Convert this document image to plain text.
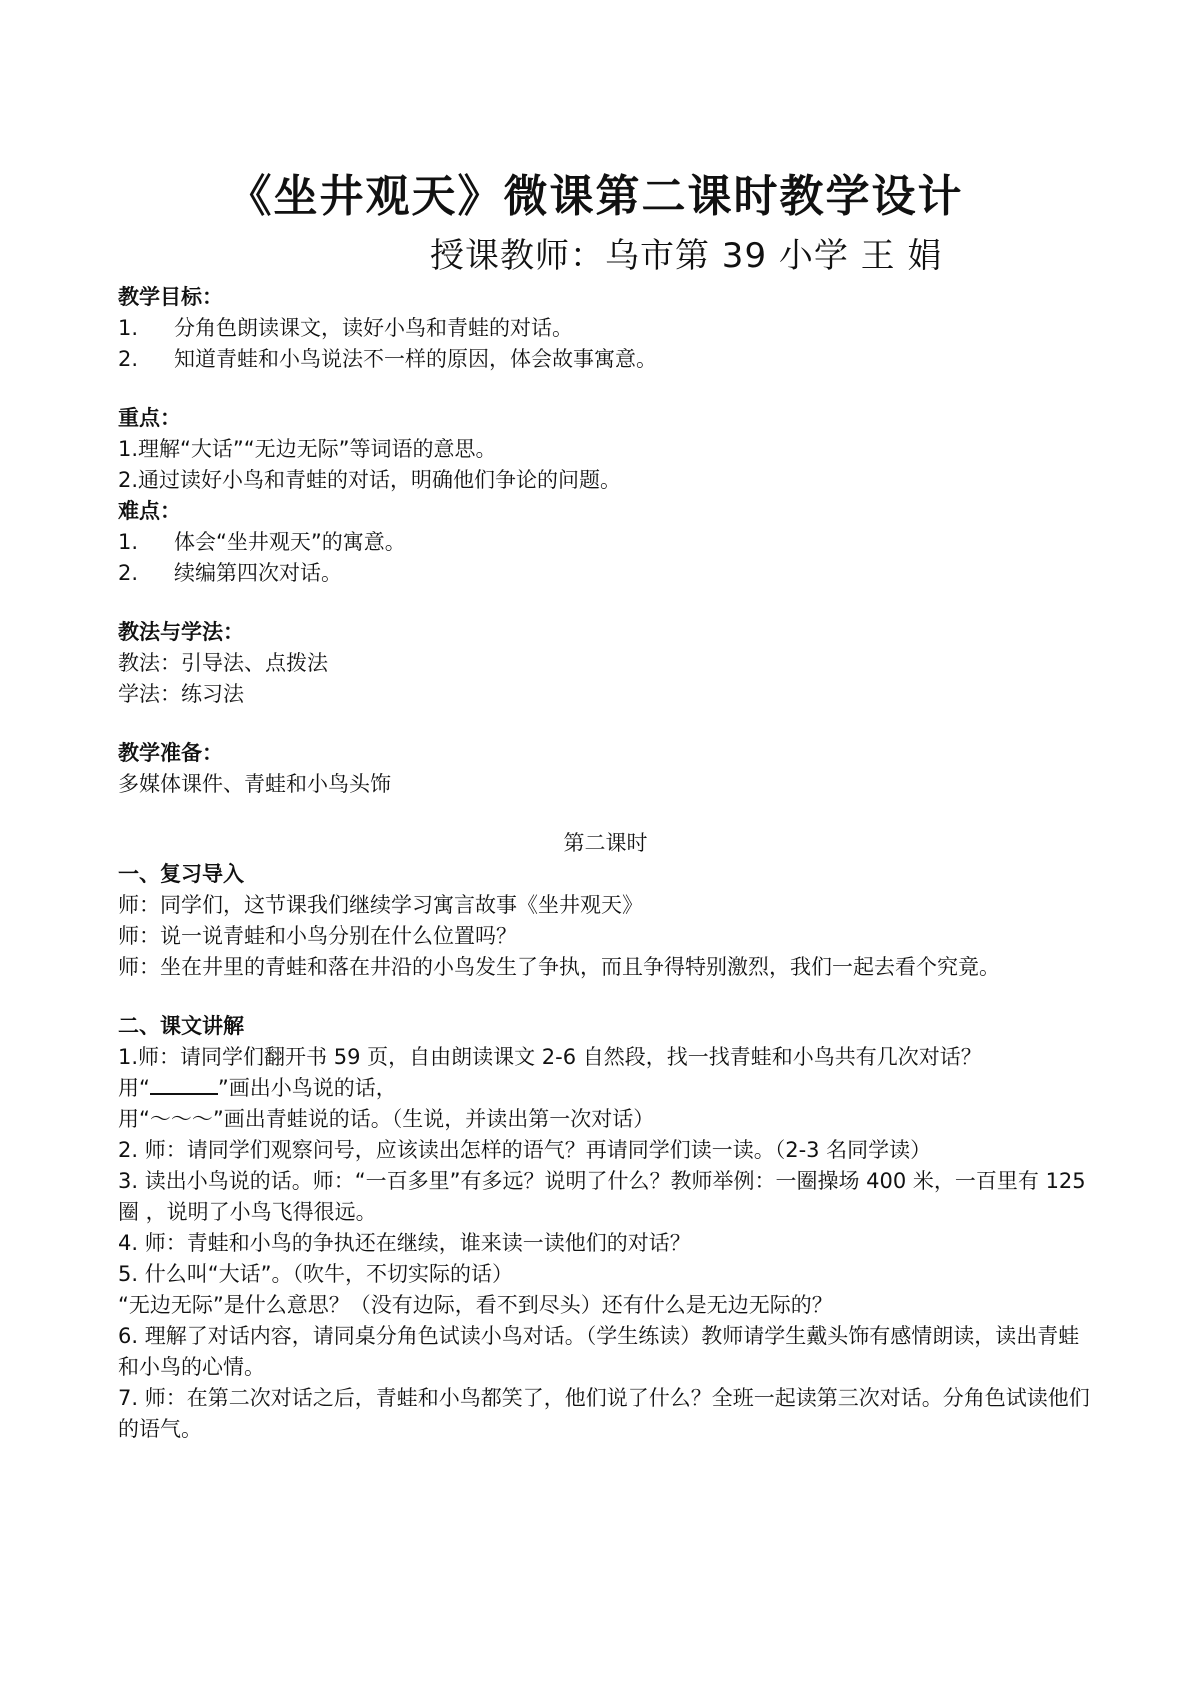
《坐井观天》微课第二课时教学设计
授课教师：乌市第 39 小学 王 娟

教学目标：

1.	分角色朗读课文，读好小鸟和青蛙的对话。

2.	知道青蛙和小鸟说法不一样的原因，体会故事寓意。

重点：

1.理解“大话”“无边无际”等词语的意思。

2.通过读好小鸟和青蛙的对话，明确他们争论的问题。

难点：

1.	体会“坐井观天”的寓意。

2.	续编第四次对话。

教法与学法：

教法：引导法、点拨法

学法：练习法

教学准备：

多媒体课件、青蛙和小鸟头饰

第二课时

一、复习导入

师：同学们，这节课我们继续学习寓言故事《坐井观天》

师：说一说青蛙和小鸟分别在什么位置吗？

师：坐在井里的青蛙和落在井沿的小鸟发生了争执，而且争得特别激烈，我们一起去看个究竟。

二、课文讲解

1.师：请同学们翻开书 59 页，自由朗读课文 2-6 自然段，找一找青蛙和小鸟共有几次对话？

用“	”画出小鸟说的话，

用“～～～”画出青蛙说的话。（生说，并读出第一次对话）

2. 师：请同学们观察问号，应该读出怎样的语气？再请同学们读一读。（2-3 名同学读）

3. 读出小鸟说的话。师：“一百多里”有多远？说明了什么？教师举例：一圈操场 400 米，一百里有 125 圈 ，说明了小鸟飞得很远。

4. 师：青蛙和小鸟的争执还在继续，谁来读一读他们的对话？

5. 什么叫“大话”。（吹牛，不切实际的话）

“无边无际”是什么意思？（没有边际，看不到尽头）还有什么是无边无际的？

6. 理解了对话内容，请同桌分角色试读小鸟对话。（学生练读）教师请学生戴头饰有感情朗读，读出青蛙和小鸟的心情。

7. 师：在第二次对话之后，青蛙和小鸟都笑了，他们说了什么？全班一起读第三次对话。分角色试读他们的语气。
